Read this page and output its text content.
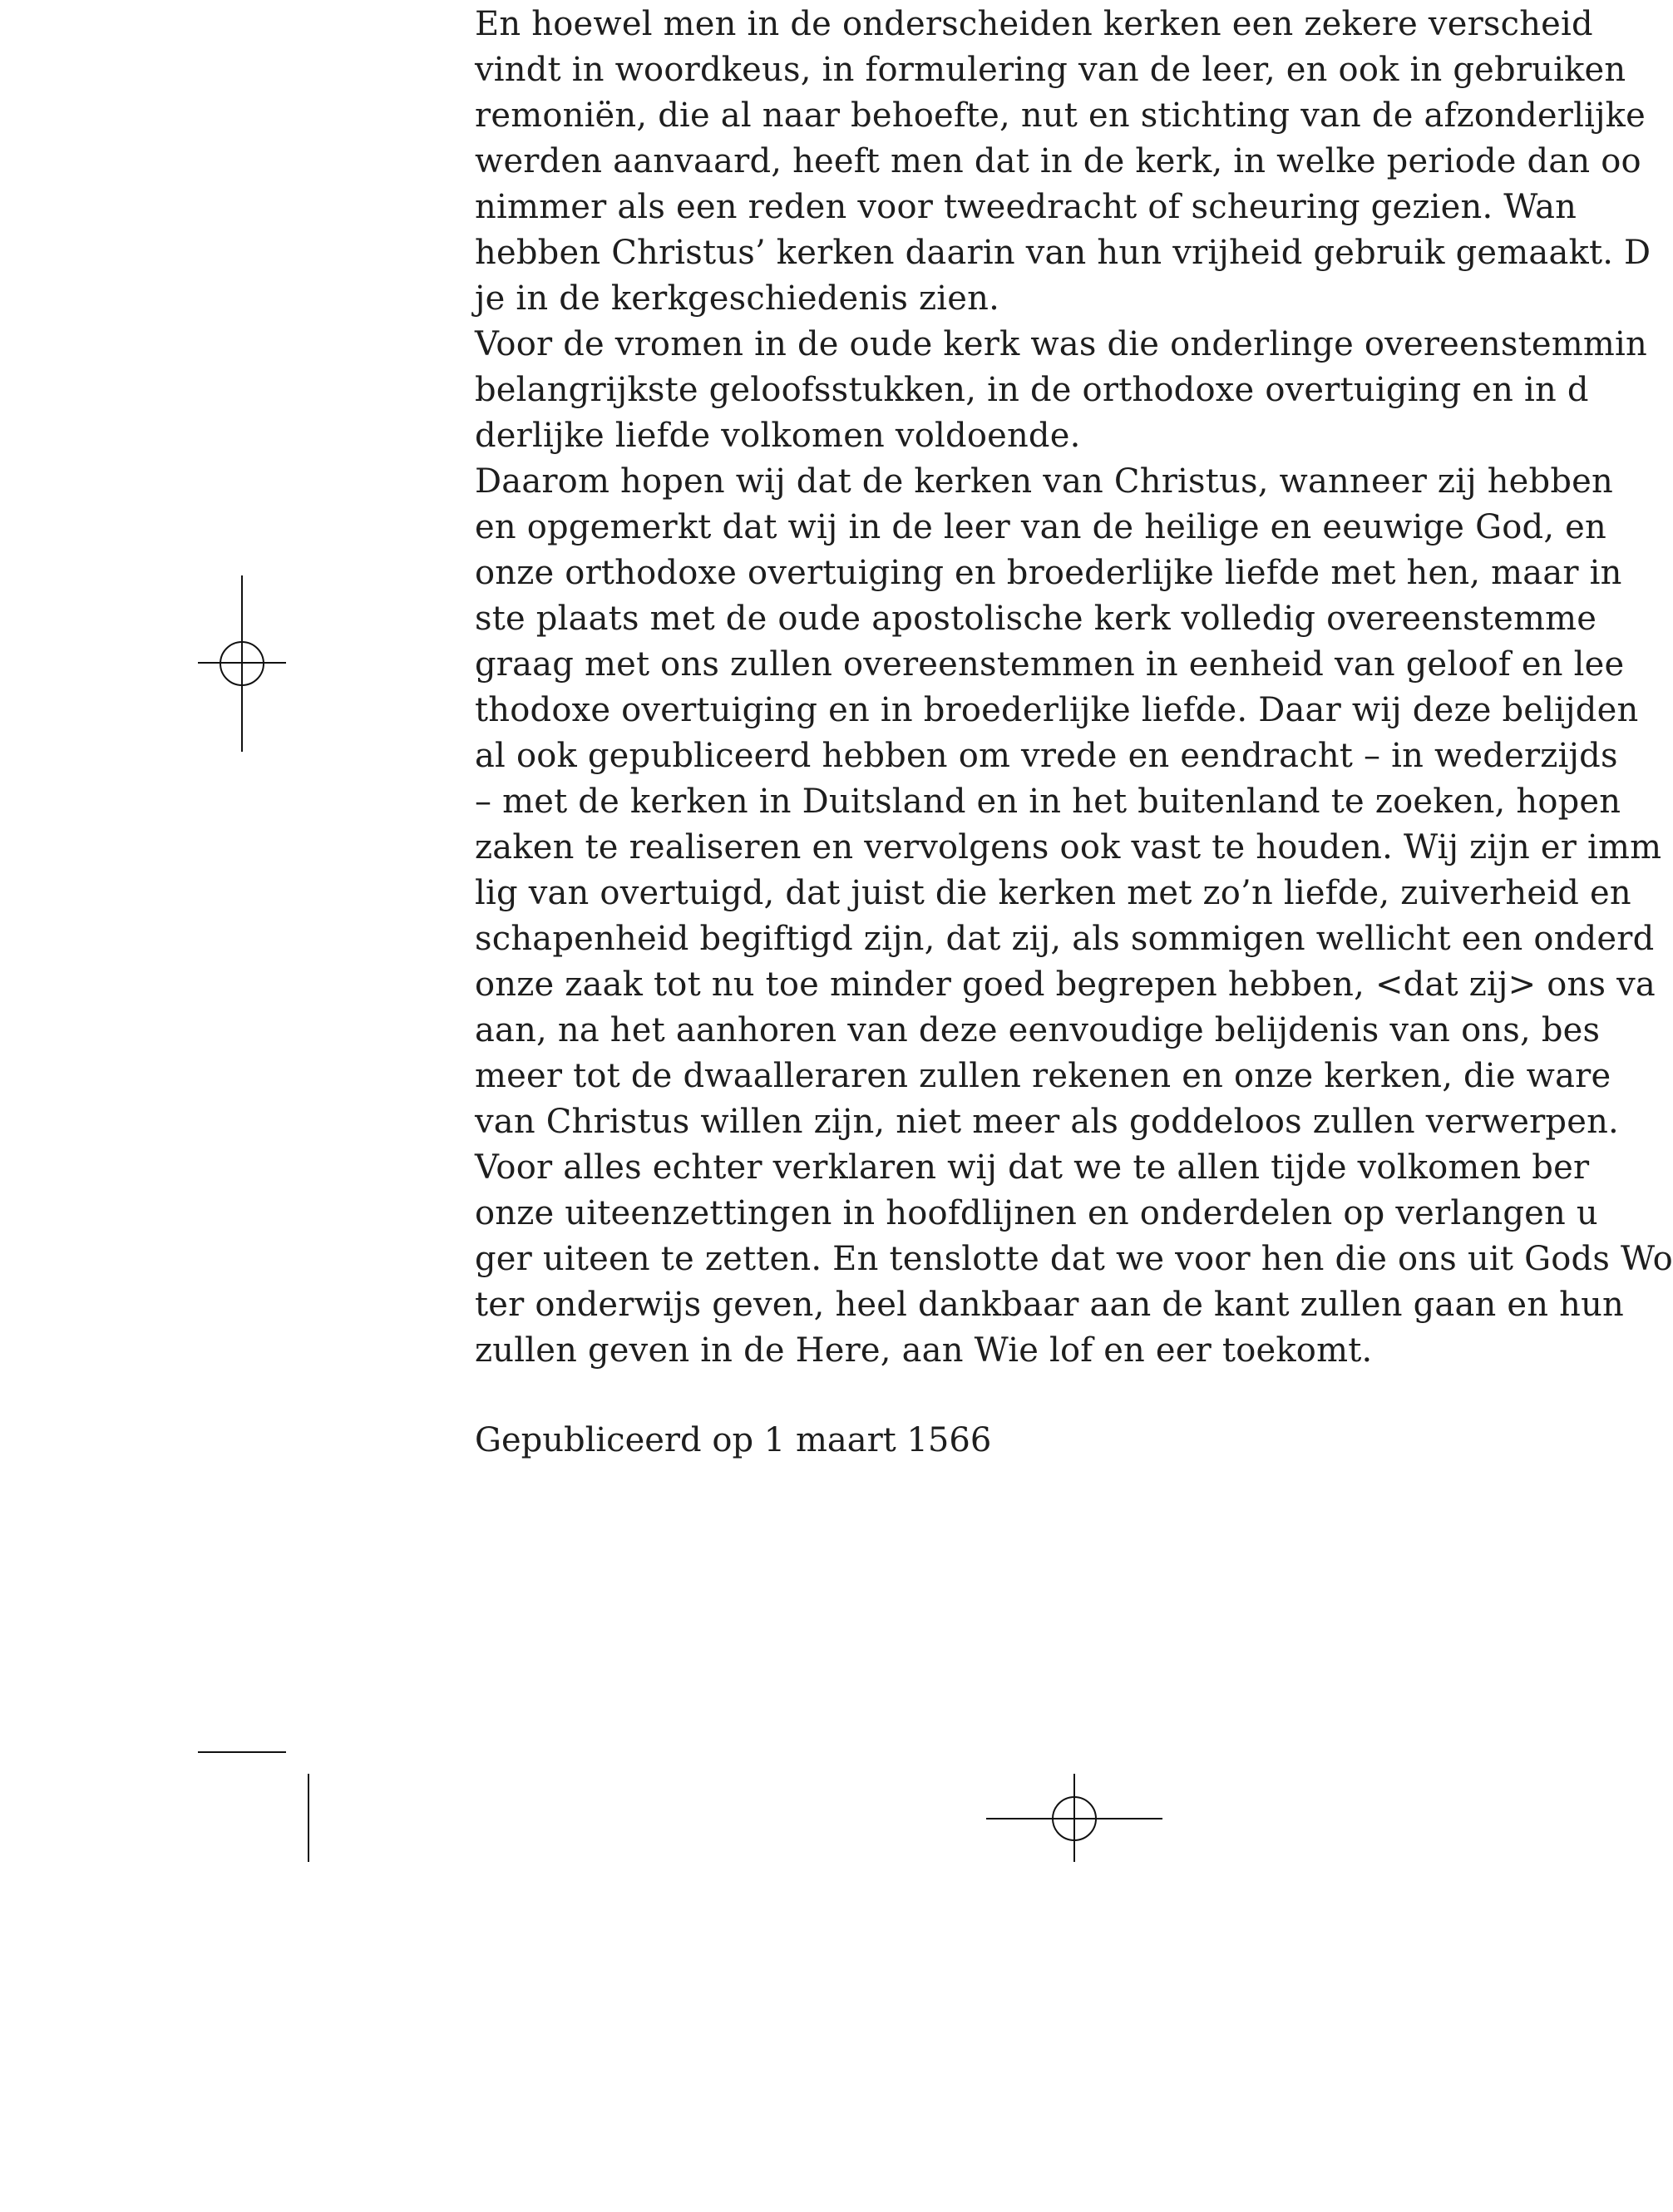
En hoewel men in de onderscheiden kerken een zekere verscheid
vindt in woordkeus, in formulering van de leer, en ook in gebruiken
remoniën, die al naar behoefte, nut en stichting van de afzonderlijke
werden aanvaard, heeft men dat in de kerk, in welke periode dan oo
nimmer als een reden voor tweedracht of scheuring gezien. Wan
hebben Christus’ kerken daarin van hun vrijheid gebruik gemaakt. D
je in de kerkgeschiedenis zien.
Voor de vromen in de oude kerk was die onderlinge overeenstemmin
belangrijkste geloofsstukken, in de orthodoxe overtuiging en in d
derlijke liefde volkomen voldoende.
Daarom hopen wij dat de kerken van Christus, wanneer zij hebben
en opgemerkt dat wij in de leer van de heilige en eeuwige God, en
onze orthodoxe overtuiging en broederlijke liefde met hen, maar in
ste plaats met de oude apostolische kerk volledig overeenstemme
graag met ons zullen overeenstemmen in eenheid van geloof en lee
thodoxe overtuiging en in broederlijke liefde. Daar wij deze belijden
al ook gepubliceerd hebben om vrede en eendracht – in wederzijds
– met de kerken in Duitsland en in het buitenland te zoeken, hopen
zaken te realiseren en vervolgens ook vast te houden. Wij zijn er imm
lig van overtuigd, dat juist die kerken met zo’n liefde, zuiverheid en
schapenheid begiftigd zijn, dat zij, als sommigen wellicht een onderd
onze zaak tot nu toe minder goed begrepen hebben, <dat zij> ons va
aan, na het aanhoren van deze eenvoudige belijdenis van ons, bes
meer tot de dwaalleraren zullen rekenen en onze kerken, die ware
van Christus willen zijn, niet meer als goddeloos zullen verwerpen.
Voor alles echter verklaren wij dat we te allen tijde volkomen ber
onze uiteenzettingen in hoofdlijnen en onderdelen op verlangen u
ger uiteen te zetten. En tenslotte dat we voor hen die ons uit Gods Wo
ter onderwijs geven, heel dankbaar aan de kant zullen gaan en hun
zullen geven in de Here, aan Wie lof en eer toekomt.
Gepubliceerd op 1 maart 1566
